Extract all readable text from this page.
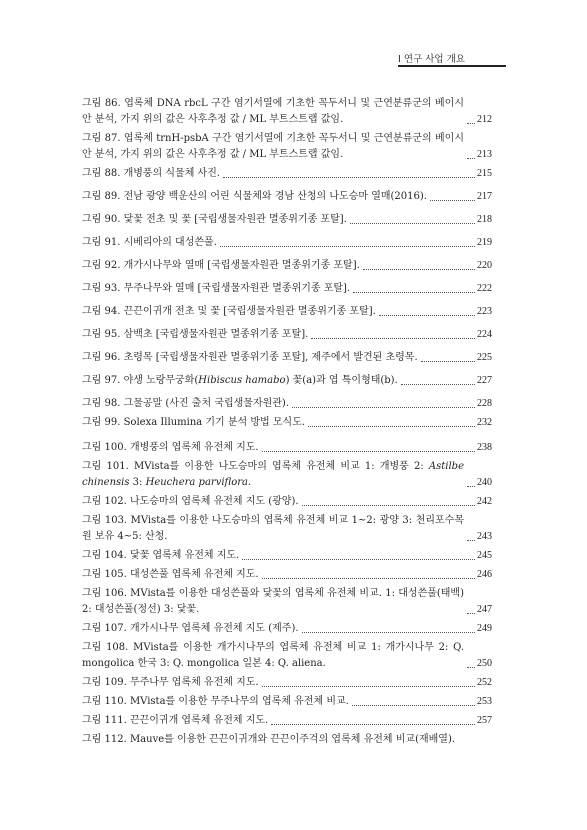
Ⅰ 연구 사업 개요
그림 86. 엽록체 DNA rbcL 구간 염기서열에 기초한 꼭두서니 및 근연분류군의 베이시안 분석, 가지 위의 값은 사후추정 값 / ML 부트스트랩 값임.	212
그림 87. 엽록체 trnH-psbA 구간 염기서열에 기초한 꼭두서니 및 근연분류군의 베이시안 분석, 가지 위의 값은 사후추정 값 / ML 부트스트랩 값임.	213
그림 88. 개병풍의 식물체 사진.	215
그림 89. 전남 광양 백운산의 어린 식물체와 경남 산청의 나도승마 열매(2016).	217
그림 90. 닻꽃 전초 및 꽃 [국립생물자원관 멸종위기종 포탈].	218
그림 91. 시베리아의 대성쓴풀.	219
그림 92. 개가시나무와 열매 [국립생물자원관 멸종위기종 포탈].	220
그림 93. 무주나무와 열매 [국립생물자원관 멸종위기종 포탈].	222
그림 94. 끈끈이귀개 전초 및 꽃 [국립생물자원관 멸종위기종 포탈].	223
그림 95. 삼백초 [국립생물자원관 멸종위기종 포탈].	224
그림 96. 초령목 [국립생물자원관 멸종위기종 포탈], 제주에서 발견된 초령목.	225
그림 97. 야생 노랑무궁화(Hibiscus hamabo) 꽃(a)과 엽 특이형태(b).	227
그림 98. 그물공말 (사진 출처 국립생물자원관).	228
그림 99. Solexa Illumina 기기 분석 방법 모식도.	232
그림 100. 개병풍의 엽록체 유전체 지도.	238
그림 101. MVista를 이용한 나도승마의 엽록체 유전체 비교 1: 개병풍 2: Astilbe chinensis 3: Heuchera parviflora.	240
그림 102. 나도승마의 엽록체 유전체 지도 (광양).	242
그림 103. MVista를 이용한 나도승마의 엽록체 유전체 비교 1~2: 광양 3: 천리포수목원 보유 4~5: 산청.	243
그림 104. 닻꽃 엽록체 유전체 지도.	245
그림 105. 대성쓴풀 엽록체 유전체 지도.	246
그림 106. MVista를 이용한 대성쓴풀와 닻꽃의 엽록체 유전체 비교. 1: 대성쓴풀(태백) 2: 대성쓴풀(정선) 3: 닻꽃.	247
그림 107. 개가시나무 엽록체 유전체 지도 (제주).	249
그림 108. MVista를 이용한 개가시나무의 엽록체 유전체 비교 1: 개가시나무 2: Q. mongolica 한국 3: Q. mongolica 일본 4: Q. aliena.	250
그림 109. 무주나무 엽록체 유전체 지도.	252
그림 110. MVista를 이용한 무주나무의 엽록체 유전체 비교.	253
그림 111. 끈끈이귀개 엽록체 유전체 지도.	257
그림 112. Mauve를 이용한 끈끈이귀개와 끈끈이주걱의 엽록체 유전체 비교(재배열).
